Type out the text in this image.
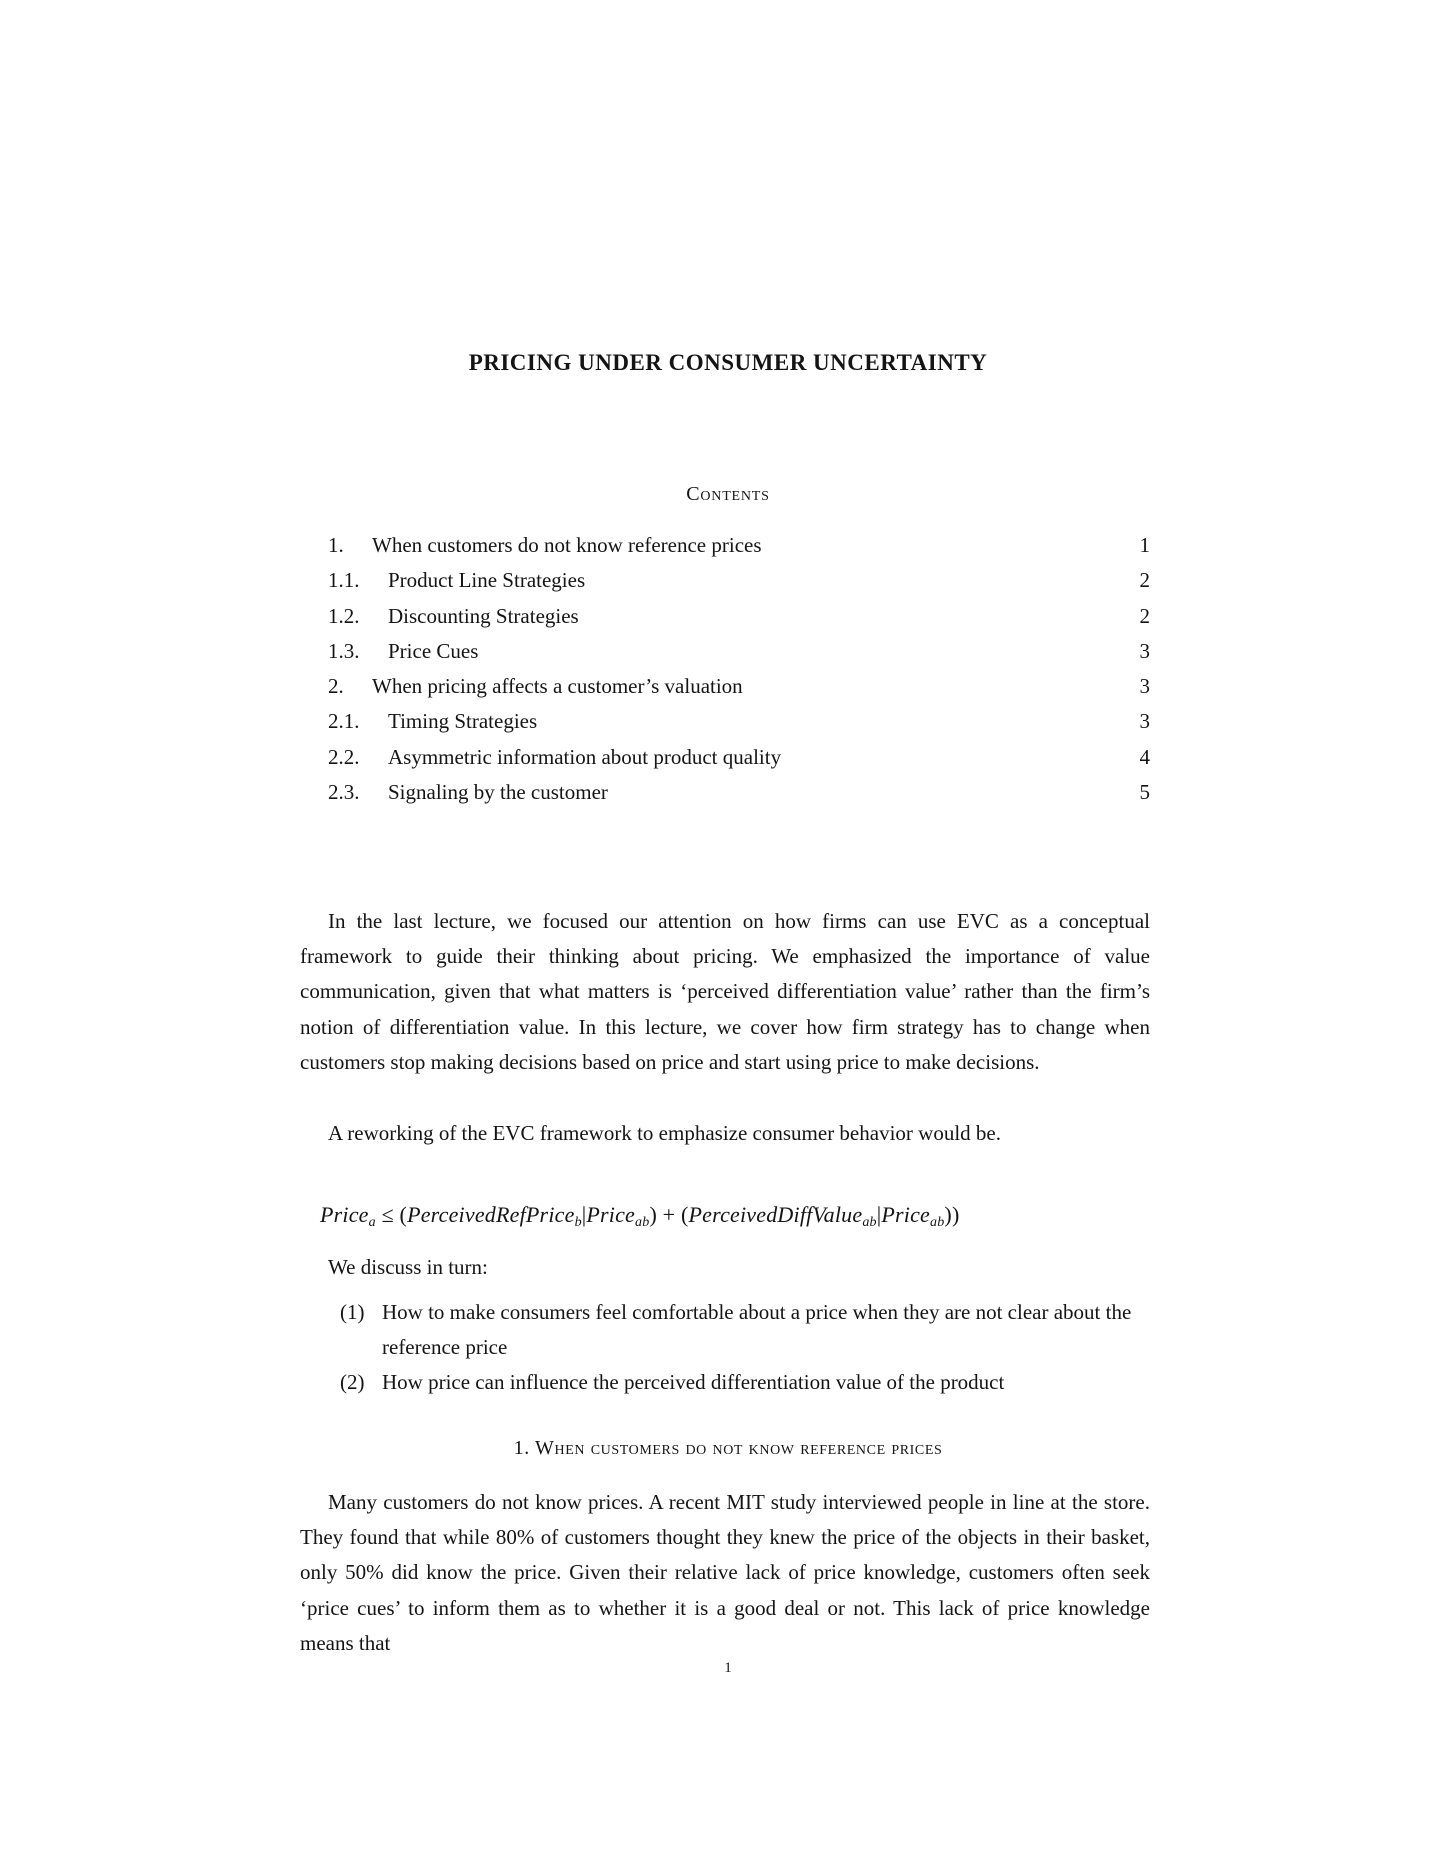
PRICING UNDER CONSUMER UNCERTAINTY
Contents
1. When customers do not know reference prices	1
1.1. Product Line Strategies	2
1.2. Discounting Strategies	2
1.3. Price Cues	3
2. When pricing affects a customer’s valuation	3
2.1. Timing Strategies	3
2.2. Asymmetric information about product quality	4
2.3. Signaling by the customer	5
In the last lecture, we focused our attention on how firms can use EVC as a conceptual framework to guide their thinking about pricing. We emphasized the importance of value communication, given that what matters is ‘perceived differentiation value’ rather than the firm’s notion of differentiation value. In this lecture, we cover how firm strategy has to change when customers stop making decisions based on price and start using price to make decisions.
A reworking of the EVC framework to emphasize consumer behavior would be.
Price$_a$ ≤ (PerceivedRefPrice$_b$|Price$_{ab}$) + (PerceivedDiffValue$_{ab}$|Price$_{ab}$))
We discuss in turn:
(1) How to make consumers feel comfortable about a price when they are not clear about the reference price
(2) How price can influence the perceived differentiation value of the product
1. When customers do not know reference prices
Many customers do not know prices. A recent MIT study interviewed people in line at the store. They found that while 80% of customers thought they knew the price of the objects in their basket, only 50% did know the price. Given their relative lack of price knowledge, customers often seek ‘price cues’ to inform them as to whether it is a good deal or not. This lack of price knowledge means that
1
